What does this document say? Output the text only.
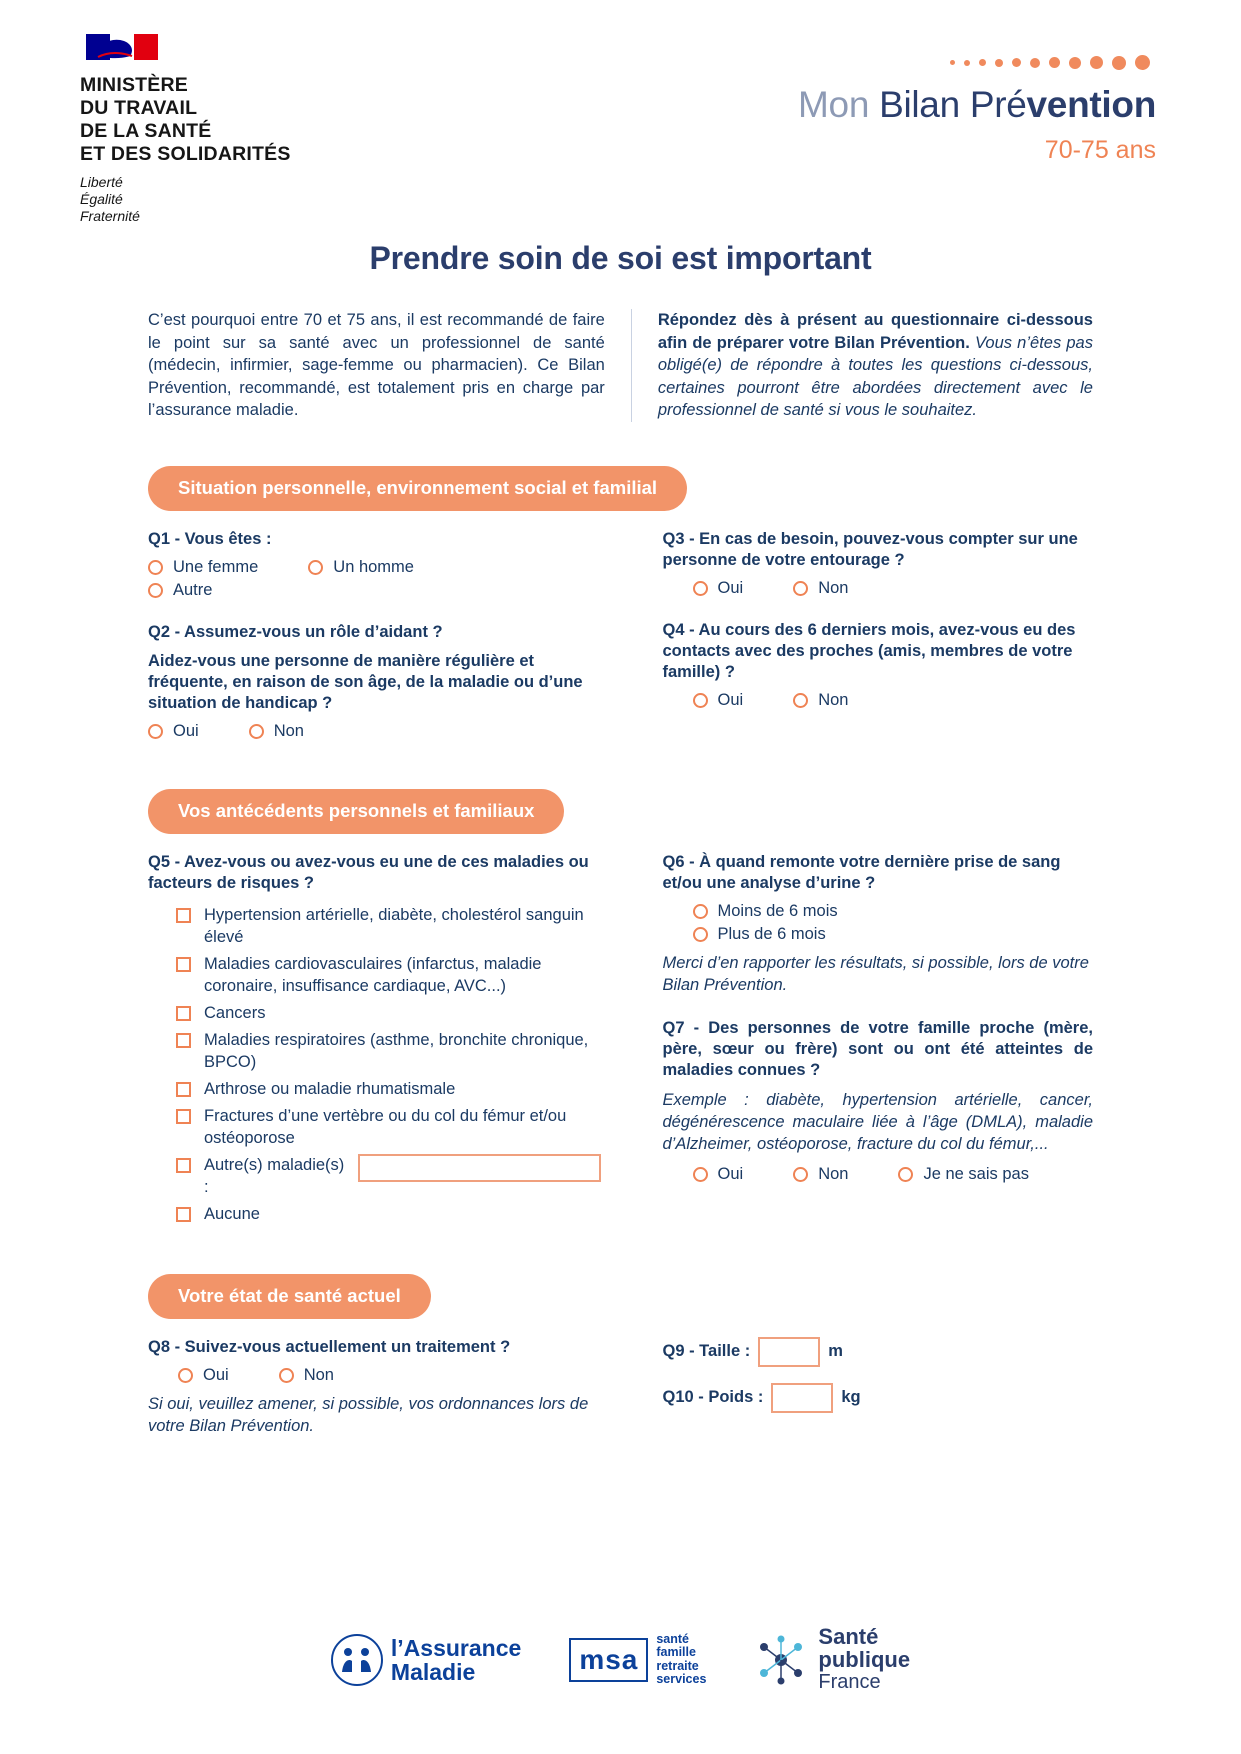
MINISTÈRE
DU TRAVAIL
DE LA SANTÉ
ET DES SOLIDARITÉS
Liberté
Égalité
Fraternité
Mon Bilan Prévention
70-75 ans
Prendre soin de soi est important
C’est pourquoi entre 70 et 75 ans, il est recommandé de faire le point sur sa santé avec un professionnel de santé (médecin, infirmier, sage-femme ou pharmacien). Ce Bilan Prévention, recommandé, est totalement pris en charge par l’assurance maladie.
Répondez dès à présent au questionnaire ci-dessous afin de préparer votre Bilan Prévention. Vous n’êtes pas obligé(e) de répondre à toutes les questions ci-dessous, certaines pourront être abordées directement avec le professionnel de santé si vous le souhaitez.
Situation personnelle, environnement social et familial
Q1 - Vous êtes :
Une femme	Un homme
Autre
Q2 - Assumez-vous un rôle d’aidant ?
Aidez-vous une personne de manière régulière et fréquente, en raison de son âge, de la maladie ou d’une situation de handicap ?
Oui	Non
Q3 - En cas de besoin, pouvez-vous compter sur une personne de votre entourage ?
Oui	Non
Q4 - Au cours des 6 derniers mois, avez-vous eu des contacts avec des proches (amis, membres de votre famille) ?
Oui	Non
Vos antécédents personnels et familiaux
Q5 - Avez-vous ou avez-vous eu une de ces maladies ou facteurs de risques ?
Hypertension artérielle, diabète, cholestérol sanguin élevé
Maladies cardiovasculaires (infarctus, maladie coronaire, insuffisance cardiaque, AVC...)
Cancers
Maladies respiratoires (asthme, bronchite chronique, BPCO)
Arthrose ou maladie rhumatismale
Fractures d’une vertèbre ou du col du fémur et/ou ostéoporose
Autre(s) maladie(s) :
Aucune
Q6 - À quand remonte votre dernière prise de sang et/ou une analyse d’urine ?
Moins de 6 mois
Plus de 6 mois
Merci d’en rapporter les résultats, si possible, lors de votre Bilan Prévention.
Q7 - Des personnes de votre famille proche (mère, père, sœur ou frère) sont ou ont été atteintes de maladies connues ?
Exemple : diabète, hypertension artérielle, cancer, dégénérescence maculaire liée à l’âge (DMLA), maladie d’Alzheimer, ostéoporose, fracture du col du fémur,...
Oui	Non	Je ne sais pas
Votre état de santé actuel
Q8 - Suivez-vous actuellement un traitement ?
Oui	Non
Si oui, veuillez amener, si possible, vos ordonnances lors de votre Bilan Prévention.
Q9 - Taille :	m
Q10 - Poids :	kg
l’Assurance
Maladie	msa
santé
famille
retraite
services
Santé
publique
France
